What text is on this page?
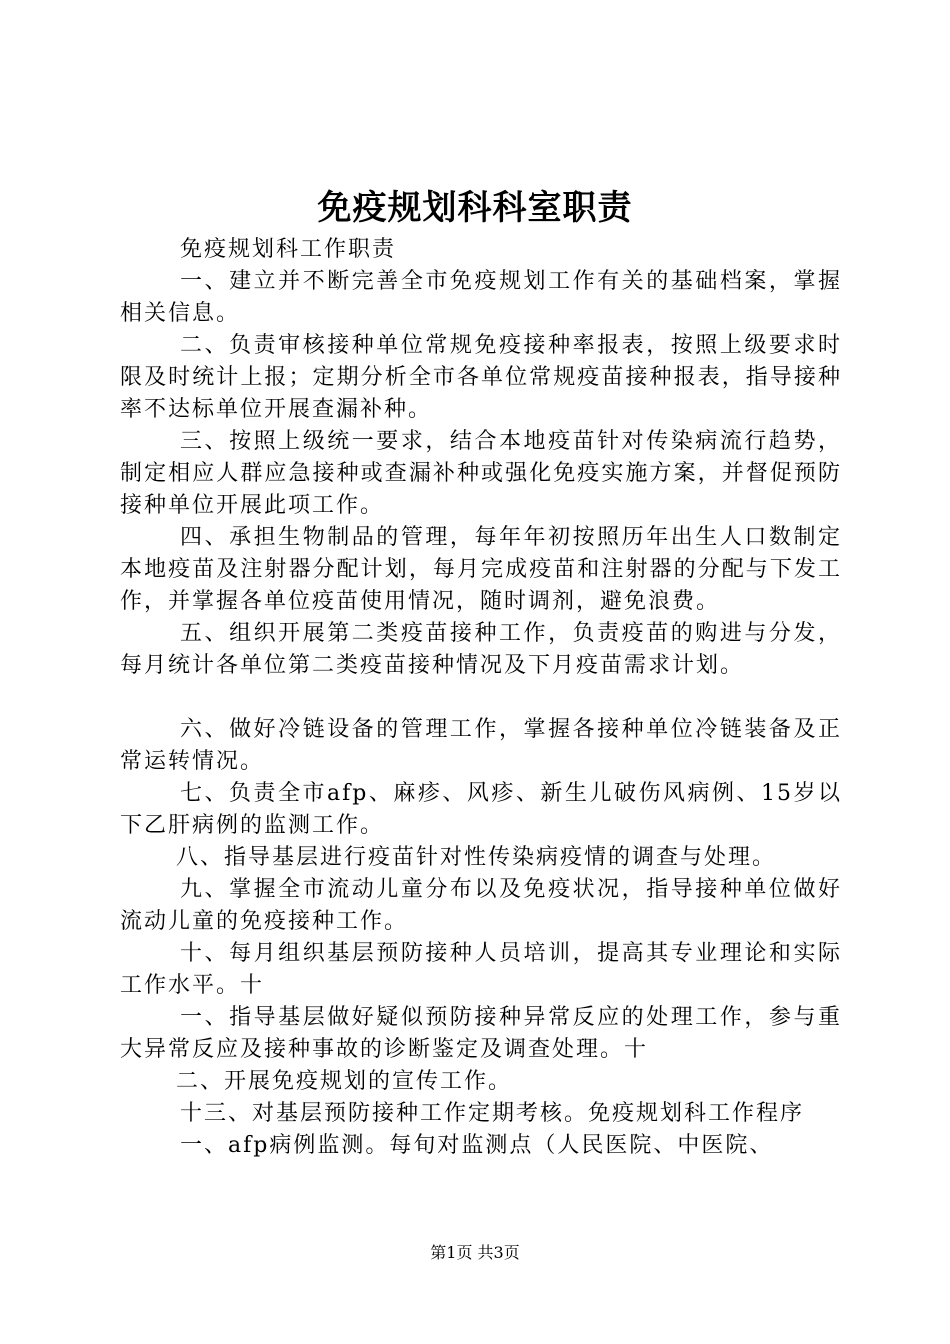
免疫规划科科室职责

免疫规划科工作职责

一、建立并不断完善全市免疫规划工作有关的基础档案，掌握相关信息。

二、负责审核接种单位常规免疫接种率报表，按照上级要求时限及时统计上报；定期分析全市各单位常规疫苗接种报表，指导接种率不达标单位开展查漏补种。

三、按照上级统一要求，结合本地疫苗针对传染病流行趋势，制定相应人群应急接种或查漏补种或强化免疫实施方案，并督促预防接种单位开展此项工作。

四、承担生物制品的管理，每年年初按照历年出生人口数制定本地疫苗及注射器分配计划，每月完成疫苗和注射器的分配与下发工作，并掌握各单位疫苗使用情况，随时调剂，避免浪费。

五、组织开展第二类疫苗接种工作，负责疫苗的购进与分发，每月统计各单位第二类疫苗接种情况及下月疫苗需求计划。

六、做好冷链设备的管理工作，掌握各接种单位冷链装备及正常运转情况。

七、负责全市afp、麻疹、风疹、新生儿破伤风病例、15岁以下乙肝病例的监测工作。

八、指导基层进行疫苗针对性传染病疫情的调查与处理。

九、掌握全市流动儿童分布以及免疫状况，指导接种单位做好流动儿童的免疫接种工作。

十、每月组织基层预防接种人员培训，提高其专业理论和实际工作水平。十

一、指导基层做好疑似预防接种异常反应的处理工作，参与重大异常反应及接种事故的诊断鉴定及调查处理。十

二、开展免疫规划的宣传工作。

十三、对基层预防接种工作定期考核。免疫规划科工作程序

一、afp病例监测。每旬对监测点（人民医院、中医院、

第1页 共3页
